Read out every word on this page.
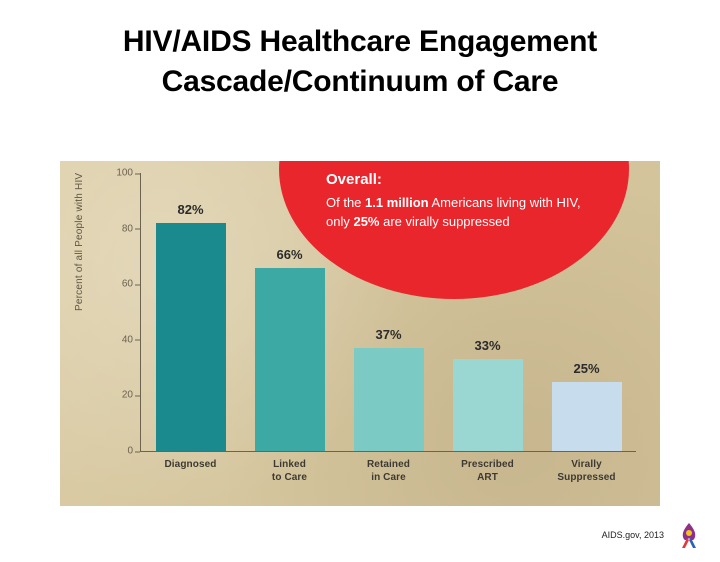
HIV/AIDS Healthcare Engagement
Cascade/Continuum of Care
Overall:
Of the 1.1 million Americans living with HIV, only 25% are virally suppressed
Percent of all People with HIV
0
20
40
60
80
100
82%
66%
37%
33%
25%
Diagnosed	Linked
to Care
Retained
in Care
Prescribed
ART
Virally
Suppressed
AIDS.gov, 2013
